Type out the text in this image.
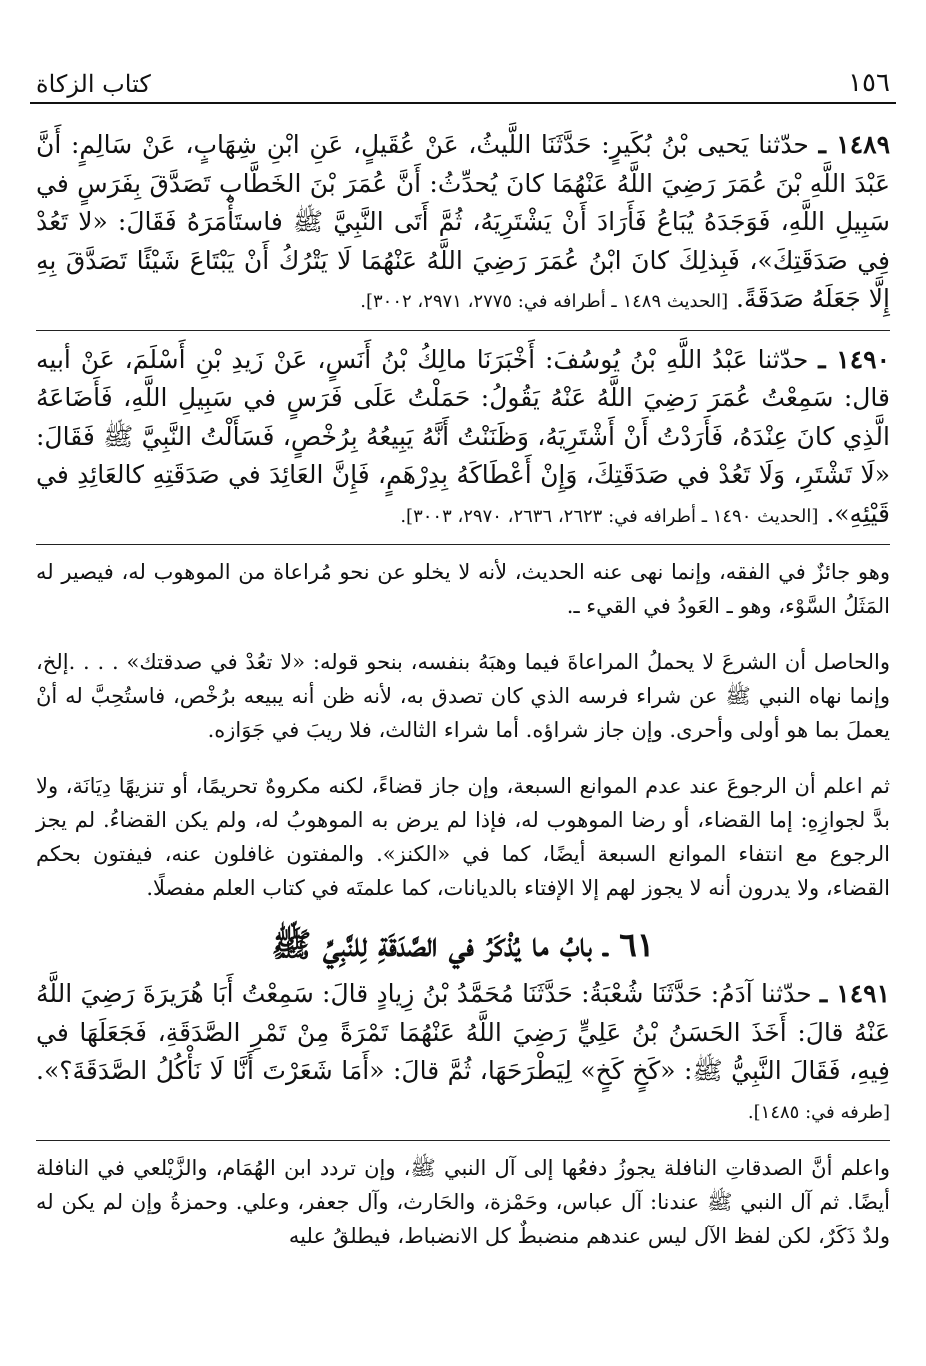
١٥٦
كتاب الزكاة

١٤٨٩ ـ حدّثنا يَحيى بْنُ بُكَيرٍ: حَدَّثَنَا اللَّيثُ، عَنْ عُقَيلٍ، عَنِ ابْنِ شِهَابٍ، عَنْ سَالِمٍ: أَنَّ عَبْدَ اللَّهِ بْنَ عُمَرَ رَضِيَ اللَّهُ عَنْهُمَا كانَ يُحدِّثُ: أَنَّ عُمَرَ بْنَ الخَطَّابِ تَصَدَّقَ بِفَرَسٍ في سَبِيلِ اللَّهِ، فَوَجَدَهُ يُبَاعُ فَأَرَادَ أَنْ يَشْتَرِيَهُ، ثُمَّ أَتَى النَّبِيَّ ﷺ فاستَأْمَرَهُ فَقَالَ: «لا تَعُدْ فِي صَدَقَتِكَ»، فَبِذلِكَ كانَ ابْنُ عُمَرَ رَضِيَ اللَّهُ عَنْهُمَا لَا يَتْرُكُ أَنْ يَبْتَاعَ شَيْئًا تَصَدَّقَ بِهِ إِلَّا جَعَلَهُ صَدَقَةً. [الحديث ١٤٨٩ ـ أطرافه في: ٢٧٧٥، ٢٩٧١، ٣٠٠٢].

١٤٩٠ ـ حدّثنا عَبْدُ اللَّهِ بْنُ يُوسُفَ: أَخْبَرَنَا مالِكُ بْنُ أَنَسٍ، عَنْ زَيدِ بْنِ أَسْلَمَ، عَنْ أبيه قال: سَمِعْتُ عُمَرَ رَضِيَ اللَّهُ عَنْهُ يَقُولُ: حَمَلْتُ عَلَى فَرَسٍ في سَبِيلِ اللَّهِ، فَأَضَاعَهُ الَّذِي كانَ عِنْدَهُ، فَأَرَدْتُ أَنْ أَشْتَرِيَهُ، وَظَنَنْتُ أَنَّهُ يَبِيعُهُ بِرُخْصٍ، فَسَأَلْتُ النَّبِيَّ ﷺ فَقَالَ: «لَا تَشْتَرِ، وَلَا تَعُدْ في صَدَقَتِكَ، وَإِنْ أَعْطَاكَهُ بِدِرْهَمٍ، فَإِنَّ العَائِدَ في صَدَقَتِهِ كالعَائِدِ في قَيْئِهِ». [الحديث ١٤٩٠ ـ أطرافه في: ٢٦٢٣، ٢٦٣٦، ٢٩٧٠، ٣٠٠٣].

وهو جائزٌ في الفقه، وإنما نهى عنه الحديث، لأنه لا يخلو عن نحو مُراعاة من الموهوب له، فيصير له المَثَلُ السَّوْء، وهو ـ العَودُ في القيء ـ.

والحاصل أن الشرعَ لا يحملُ المراعاةَ فيما وهبَهُ بنفسه، بنحو قوله: «لا تعُدْ في صدقتك» . . . .إلخ، وإنما نهاه النبي ﷺ عن شراء فرسه الذي كان تصدق به، لأنه ظن أنه يبيعه برُخْص، فاستُحِبَّ له أنْ يعملَ بما هو أولى وأحرى. وإن جاز شراؤه. أما شراء الثالث، فلا ريبَ في جَوَازه.

ثم اعلم أن الرجوعَ عند عدم الموانع السبعة، وإن جاز قضاءً، لكنه مكروهٌ تحريمًا، أو تنزيهًا دِيَانَة، ولا بدَّ لجوازِهِ: إما القضاء، أو رضا الموهوب له، فإذا لم يرض به الموهوبُ له، ولم يكن القضاءُ. لم يجز الرجوع مع انتفاء الموانع السبعة أيضًا، كما في «الكنز». والمفتون غافلون عنه، فيفتون بحكم القضاء، ولا يدرون أنه لا يجوز لهم إلا الإفتاء بالديانات، كما علمتَه في كتاب العلم مفصلًا.

٦١ ـ بابُ ما يُذْكَرُ في الصَّدَقَةِ لِلنَّبِيِّ ﷺ

١٤٩١ ـ حدّثنا آدَمُ: حَدَّثَنَا شُعْبَةُ: حَدَّثَنَا مُحَمَّدُ بْنُ زِيادٍ قالَ: سَمِعْتُ أَبَا هُرَيرَةَ رَضِيَ اللَّهُ عَنْهُ قالَ: أَخَذَ الحَسَنُ بْنُ عَلِيٍّ رَضِيَ اللَّهُ عَنْهُمَا تَمْرَةً مِنْ تَمْرِ الصَّدَقَةِ، فَجَعَلَهَا في فِيهِ، فَقَالَ النَّبِيُّ ﷺ: «كَخٍ كَخٍ» لِيَطْرَحَهَا، ثُمَّ قالَ: «أَمَا شَعَرْتَ أَنَّا لَا نَأْكُلُ الصَّدَقَةَ؟». [طرفه في: ١٤٨٥].

واعلم أنَّ الصدقاتِ النافلة يجوزُ دفعُها إلى آل النبي ﷺ، وإن تردد ابن الهُمَام، والزَّيْلعي في النافلة أيضًا. ثم آل النبي ﷺ عندنا: آل عباس، وحَمْزة، والحَارث، وآل جعفر، وعلي. وحمزةُ وإن لم يكن له ولدٌ ذَكَرٌ، لكن لفظ الآل ليس عندهم منضبطٌ كل الانضباط، فيطلقُ عليه
